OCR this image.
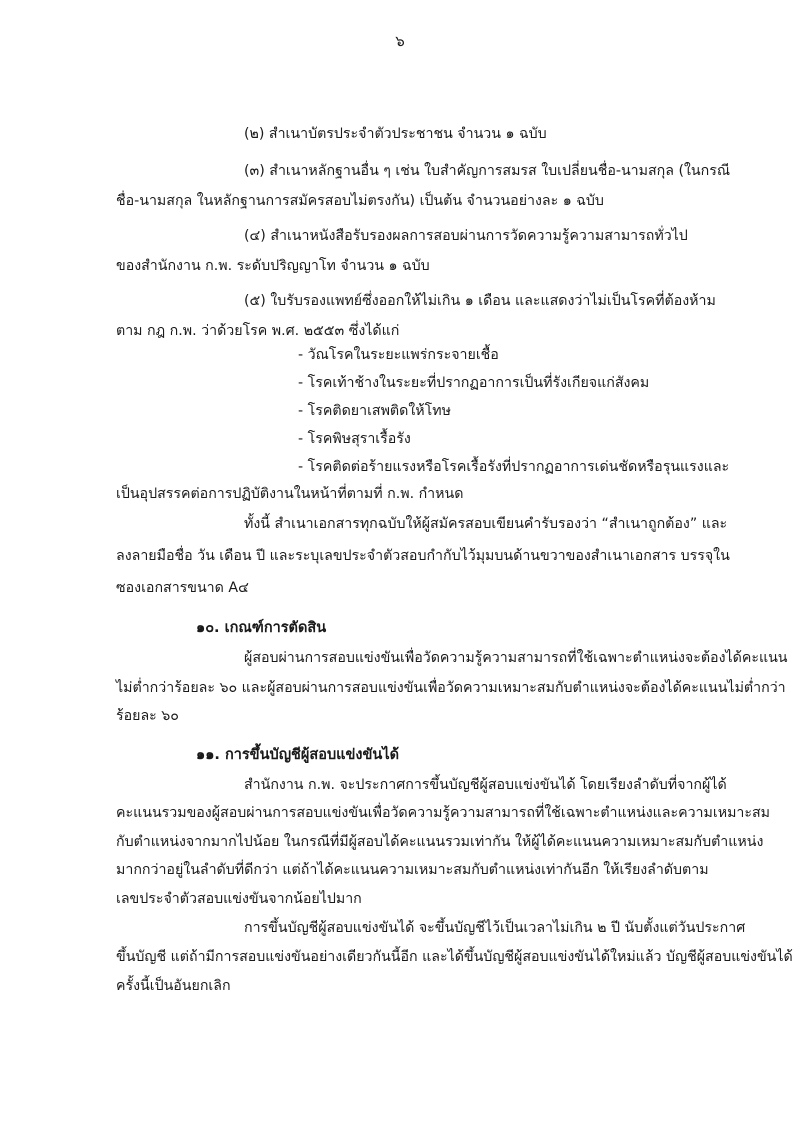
๖
(๒) สำเนาบัตรประจำตัวประชาชน จำนวน ๑ ฉบับ
(๓) สำเนาหลักฐานอื่น ๆ เช่น ใบสำคัญการสมรส ใบเปลี่ยนชื่อ-นามสกุล (ในกรณี
ชื่อ-นามสกุล ในหลักฐานการสมัครสอบไม่ตรงกัน) เป็นต้น จำนวนอย่างละ ๑ ฉบับ
(๔) สำเนาหนังสือรับรองผลการสอบผ่านการวัดความรู้ความสามารถทั่วไป
ของสำนักงาน ก.พ. ระดับปริญญาโท จำนวน ๑ ฉบับ
(๕) ใบรับรองแพทย์ซึ่งออกให้ไม่เกิน ๑ เดือน และแสดงว่าไม่เป็นโรคที่ต้องห้าม
ตาม กฎ ก.พ. ว่าด้วยโรค พ.ศ. ๒๕๕๓ ซึ่งได้แก่
- วัณโรคในระยะแพร่กระจายเชื้อ
- โรคเท้าช้างในระยะที่ปรากฏอาการเป็นที่รังเกียจแก่สังคม
- โรคติดยาเสพติดให้โทษ
- โรคพิษสุราเรื้อรัง
- โรคติดต่อร้ายแรงหรือโรคเรื้อรังที่ปรากฏอาการเด่นชัดหรือรุนแรงและ
เป็นอุปสรรคต่อการปฏิบัติงานในหน้าที่ตามที่ ก.พ. กำหนด
ทั้งนี้ สำเนาเอกสารทุกฉบับให้ผู้สมัครสอบเขียนคำรับรองว่า “สำเนาถูกต้อง” และ
ลงลายมือชื่อ วัน เดือน ปี และระบุเลขประจำตัวสอบกำกับไว้มุมบนด้านขวาของสำเนาเอกสาร บรรจุใน
ซองเอกสารขนาด A๔
๑๐. เกณฑ์การตัดสิน
ผู้สอบผ่านการสอบแข่งขันเพื่อวัดความรู้ความสามารถที่ใช้เฉพาะตำแหน่งจะต้องได้คะแนน
ไม่ต่ำกว่าร้อยละ ๖๐ และผู้สอบผ่านการสอบแข่งขันเพื่อวัดความเหมาะสมกับตำแหน่งจะต้องได้คะแนนไม่ต่ำกว่า
ร้อยละ ๖๐
๑๑. การขึ้นบัญชีผู้สอบแข่งขันได้
สำนักงาน ก.พ. จะประกาศการขึ้นบัญชีผู้สอบแข่งขันได้ โดยเรียงลำดับที่จากผู้ได้
คะแนนรวมของผู้สอบผ่านการสอบแข่งขันเพื่อวัดความรู้ความสามารถที่ใช้เฉพาะตำแหน่งและความเหมาะสม
กับตำแหน่งจากมากไปน้อย ในกรณีที่มีผู้สอบได้คะแนนรวมเท่ากัน ให้ผู้ได้คะแนนความเหมาะสมกับตำแหน่ง
มากกว่าอยู่ในลำดับที่ดีกว่า แต่ถ้าได้คะแนนความเหมาะสมกับตำแหน่งเท่ากันอีก ให้เรียงลำดับตาม
เลขประจำตัวสอบแข่งขันจากน้อยไปมาก
การขึ้นบัญชีผู้สอบแข่งขันได้ จะขึ้นบัญชีไว้เป็นเวลาไม่เกิน ๒ ปี นับตั้งแต่วันประกาศ
ขึ้นบัญชี แต่ถ้ามีการสอบแข่งขันอย่างเดียวกันนี้อีก และได้ขึ้นบัญชีผู้สอบแข่งขันได้ใหม่แล้ว บัญชีผู้สอบแข่งขันได้
ครั้งนี้เป็นอันยกเลิก
